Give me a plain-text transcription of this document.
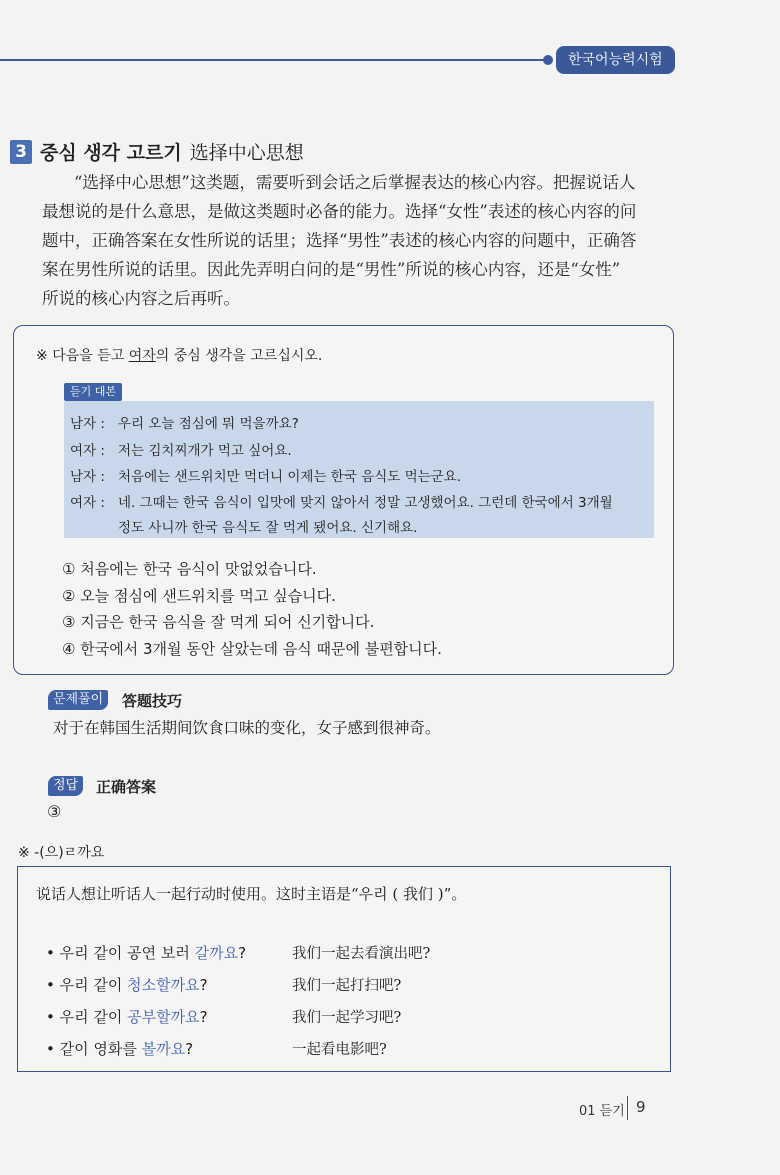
한국어능력시험
3 중심 생각 고르기 选择中心思想

“选择中心思想”这类题，需要听到会话之后掌握表达的核心内容。把握说话人

最想说的是什么意思，是做这类题时必备的能力。选择“女性”表述的核心内容的问

题中，正确答案在女性所说的话里；选择“男性”表述的核心内容的问题中，正确答

案在男性所说的话里。因此先弄明白问的是“男性”所说的核心内容，还是“女性”

所说的核心内容之后再听。

※ 다음을 듣고 여자의 중심 생각을 고르십시오.
듣기 대본
남자 : 우리 오늘 점심에 뭐 먹을까요?
여자 : 저는 김치찌개가 먹고 싶어요.
남자 : 처음에는 샌드위치만 먹더니 이제는 한국 음식도 먹는군요.
여자 : 네. 그때는 한국 음식이 입맛에 맞지 않아서 정말 고생했어요. 그런데 한국에서 3개월
정도 사니까 한국 음식도 잘 먹게 됐어요. 신기해요.
① 처음에는 한국 음식이 맛없었습니다.
② 오늘 점심에 샌드위치를 먹고 싶습니다.
③ 지금은 한국 음식을 잘 먹게 되어 신기합니다.
④ 한국에서 3개월 동안 살았는데 음식 때문에 불편합니다.
문제풀이	答题技巧
对于在韩国生活期间饮食口味的变化，女子感到很神奇。
정답	正确答案
③
※ -(으)ㄹ까요
说话人想让听话人一起行动时使用。这时主语是“우리 ( 我们 )”。
• 우리 같이 공연 보러 갈까요?	我们一起去看演出吧?
• 우리 같이 청소할까요?	我们一起打扫吧?
• 우리 같이 공부할까요?	我们一起学习吧?
• 같이 영화를 볼까요?	一起看电影吧?
01 듣기 9
